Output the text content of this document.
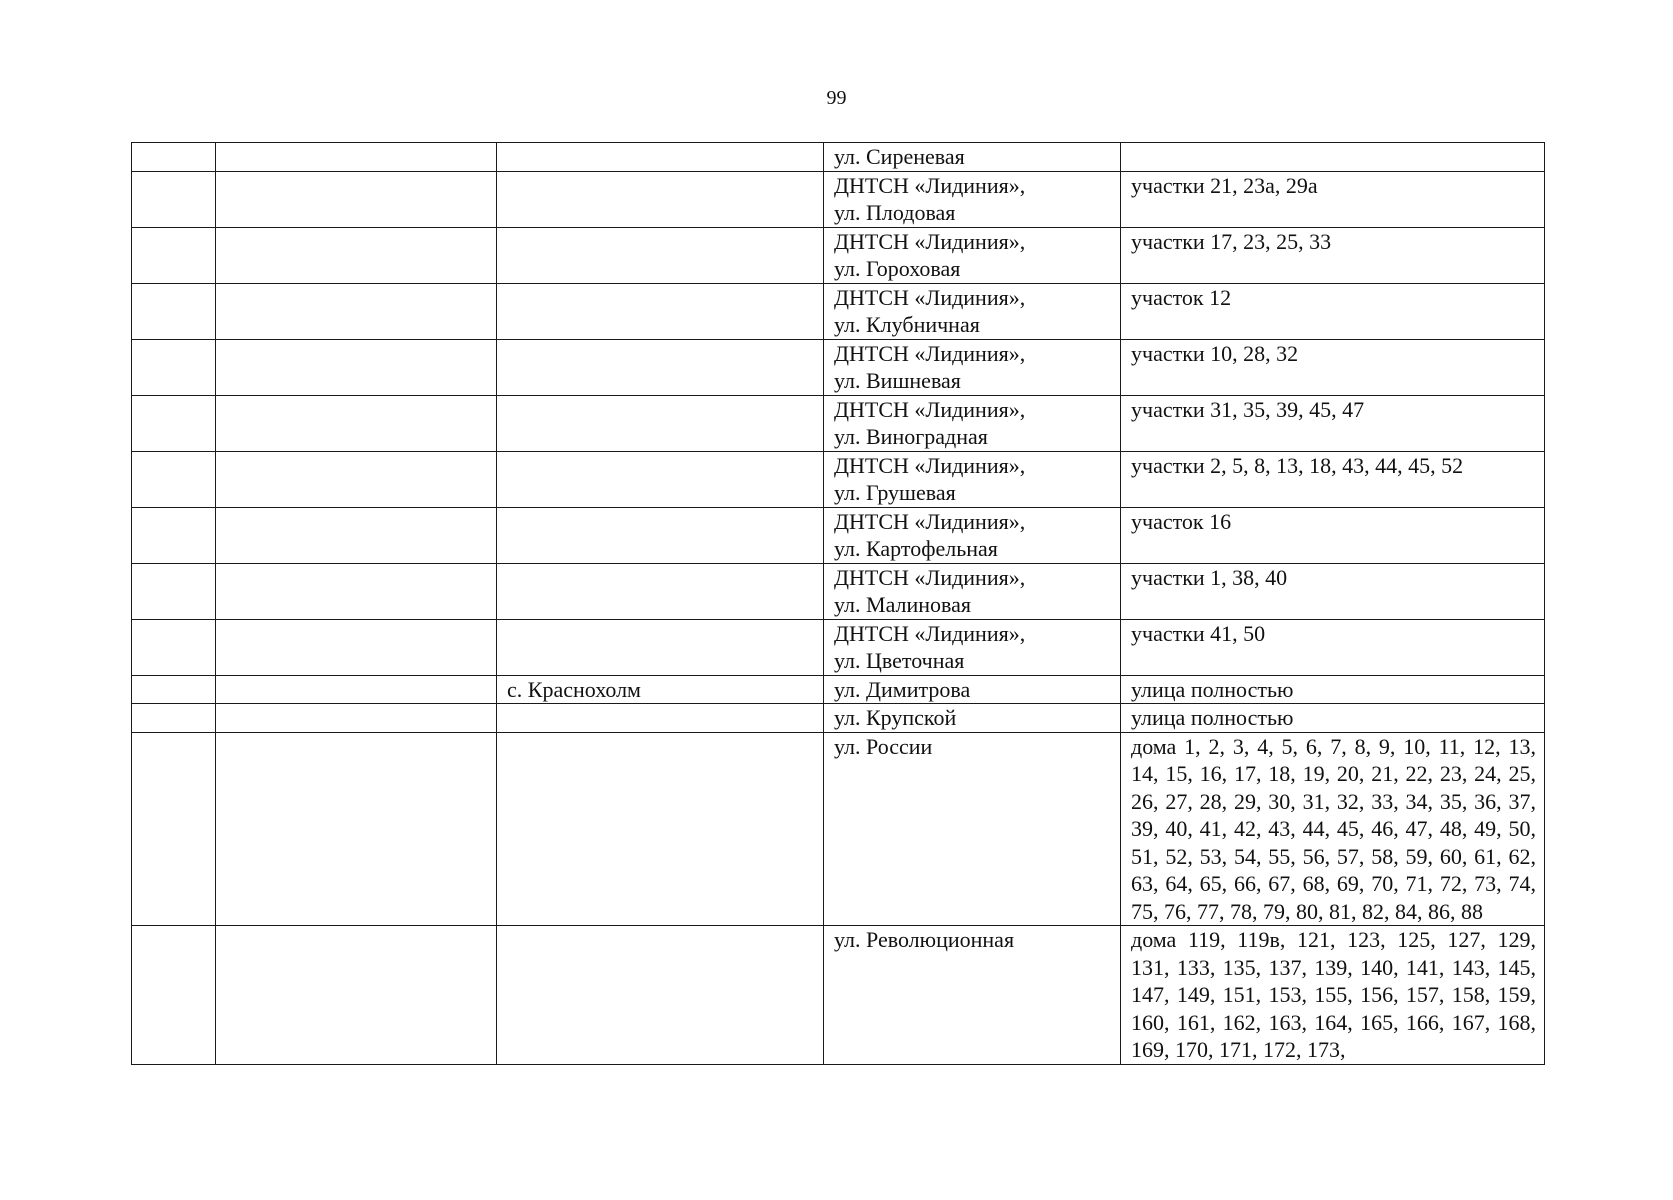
99

			ул. Сиреневая	

			ДНТСН «Лидиния»,
ул. Плодовая	участки 21, 23а, 29а

			ДНТСН «Лидиния»,
ул. Гороховая	участки 17, 23, 25, 33

			ДНТСН «Лидиния»,
ул. Клубничная	участок 12

			ДНТСН «Лидиния»,
ул. Вишневая	участки 10, 28, 32

			ДНТСН «Лидиния»,
ул. Виноградная	участки 31, 35, 39, 45, 47

			ДНТСН «Лидиния»,
ул. Грушевая	участки 2, 5, 8, 13, 18, 43, 44, 45, 52

			ДНТСН «Лидиния»,
ул. Картофельная	участок 16

			ДНТСН «Лидиния»,
ул. Малиновая	участки 1, 38, 40

			ДНТСН «Лидиния»,
ул. Цветочная	участки 41, 50
		с. Краснохолм	ул. Димитрова	улица полностью

			ул. Крупской	улица полностью

			ул. России	дома 1, 2, 3, 4, 5, 6, 7, 8, 9, 10, 11, 12, 13, 14, 15, 16, 17, 18, 19, 20, 21, 22, 23, 24, 25, 26, 27, 28, 29, 30, 31, 32, 33, 34, 35, 36, 37, 39, 40, 41, 42, 43, 44, 45, 46, 47, 48, 49, 50, 51, 52, 53, 54, 55, 56, 57, 58, 59, 60, 61, 62, 63, 64, 65, 66, 67, 68, 69, 70, 71, 72, 73, 74, 75, 76, 77, 78, 79, 80, 81, 82, 84, 86, 88

			ул. Революционная	дома 119, 119в, 121, 123, 125, 127, 129, 131, 133, 135, 137, 139, 140, 141, 143, 145, 147, 149, 151, 153, 155, 156, 157, 158, 159, 160, 161, 162, 163, 164, 165, 166, 167, 168, 169, 170, 171, 172, 173,
